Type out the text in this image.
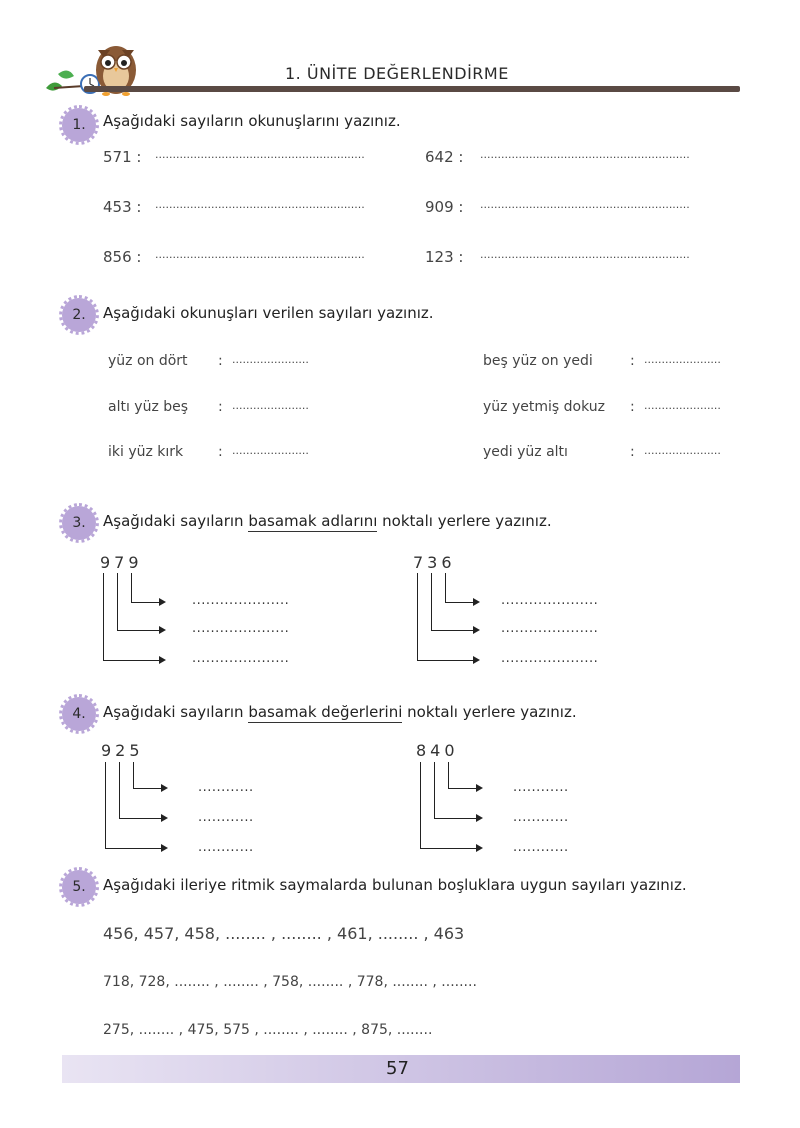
1. ÜNİTE DEĞERLENDİRME
1. Aşağıdaki sayıların okunuşlarını yazınız.
571 : ............................................................	642 : ............................................................
453 : ............................................................	909 : ............................................................
856 : ............................................................	123 : ............................................................
2. Aşağıdaki okunuşları verilen sayıları yazınız.
yüz on dört : ......................	beş yüz on yedi	: ......................
altı yüz beş : ......................	yüz yetmiş dokuz : ......................
iki yüz kırk : ......................	yedi yüz altı	: ......................
3. Aşağıdaki sayıların basamak adlarını noktalı yerlere yazınız.
979
.....................
.....................
.....................
736
.....................
.....................
.....................
4. Aşağıdaki sayıların basamak değerlerini noktalı yerlere yazınız.
925
............
............
............
840
............
............
............
5. Aşağıdaki ileriye ritmik saymalarda bulunan boşluklara uygun sayıları yazınız.
456, 457, 458, ........ , ........ , 461, ........ , 463
718, 728, ........ , ........ , 758, ........ , 778, ........ , ........
275, ........ , 475, 575 , ........ , ........ , 875, ........
57
